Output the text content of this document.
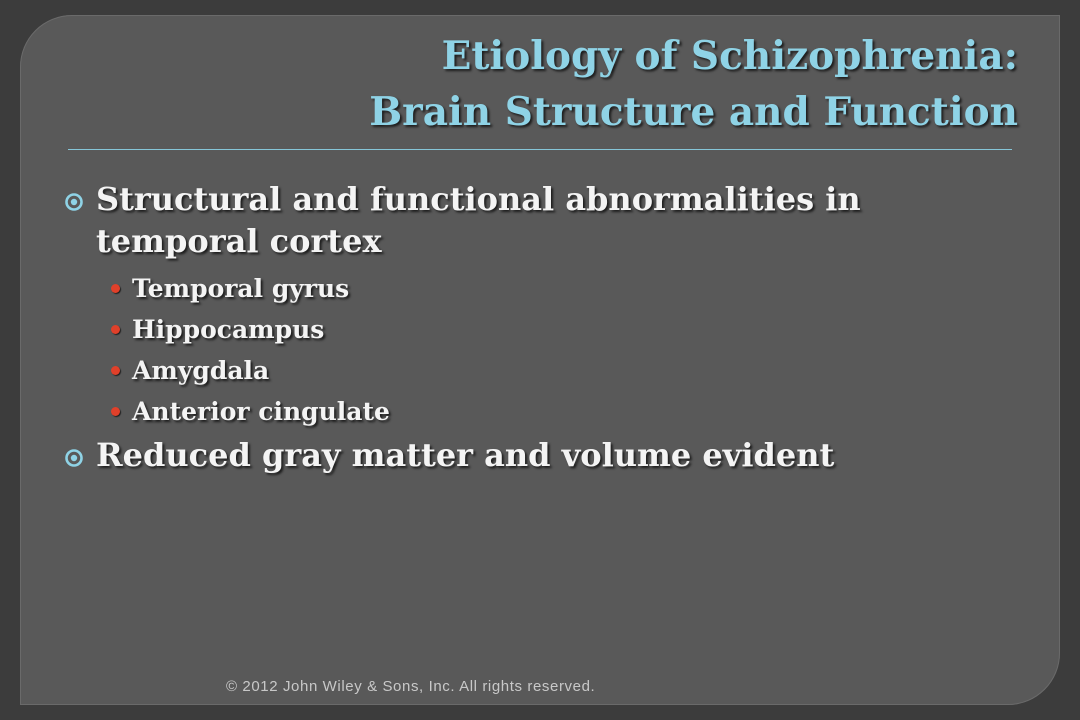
Etiology of Schizophrenia:
Brain Structure and Function
Structural and functional abnormalities in temporal cortex
Temporal gyrus
Hippocampus
Amygdala
Anterior cingulate
Reduced gray matter and volume evident
© 2012 John Wiley & Sons, Inc. All rights reserved.
